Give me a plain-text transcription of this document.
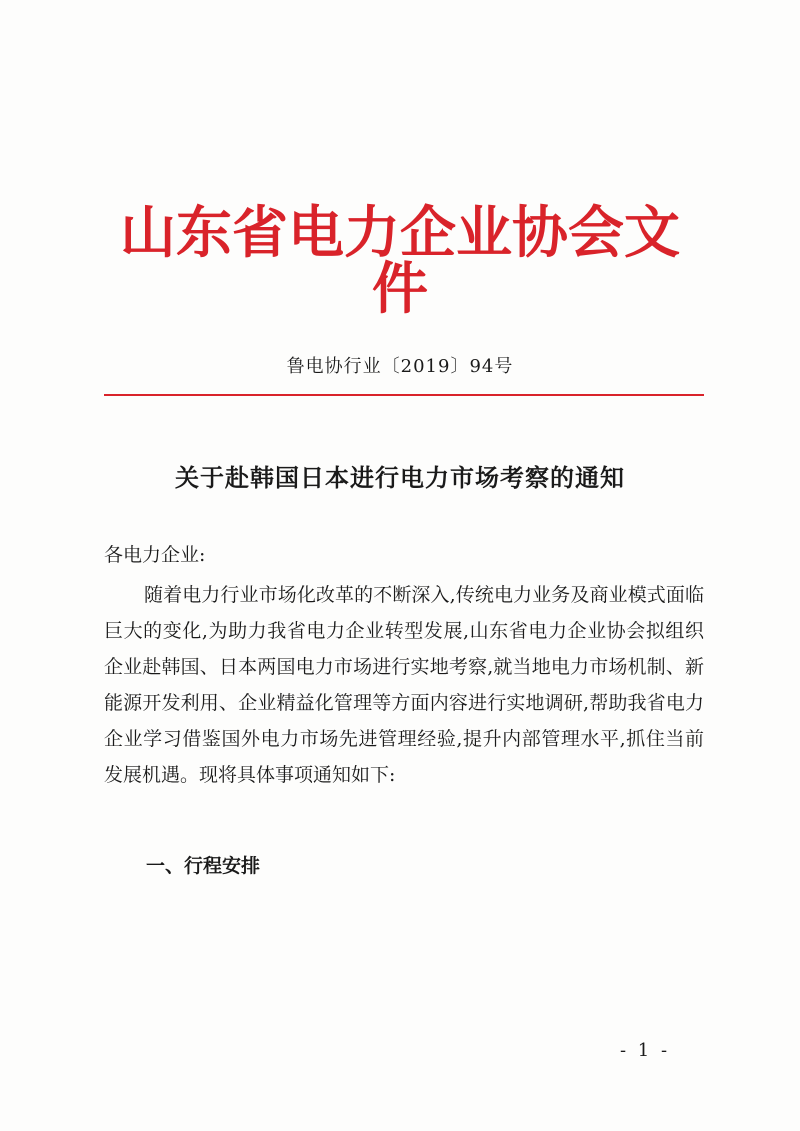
山东省电力企业协会文件
鲁电协行业〔2019〕94号
关于赴韩国日本进行电力市场考察的通知
各电力企业:

随着电力行业市场化改革的不断深入,传统电力业务及商业模式面临巨大的变化,为助力我省电力企业转型发展,山东省电力企业协会拟组织企业赴韩国、日本两国电力市场进行实地考察,就当地电力市场机制、新能源开发利用、企业精益化管理等方面内容进行实地调研,帮助我省电力企业学习借鉴国外电力市场先进管理经验,提升内部管理水平,抓住当前发展机遇。现将具体事项通知如下:

一、行程安排
- 1 -
